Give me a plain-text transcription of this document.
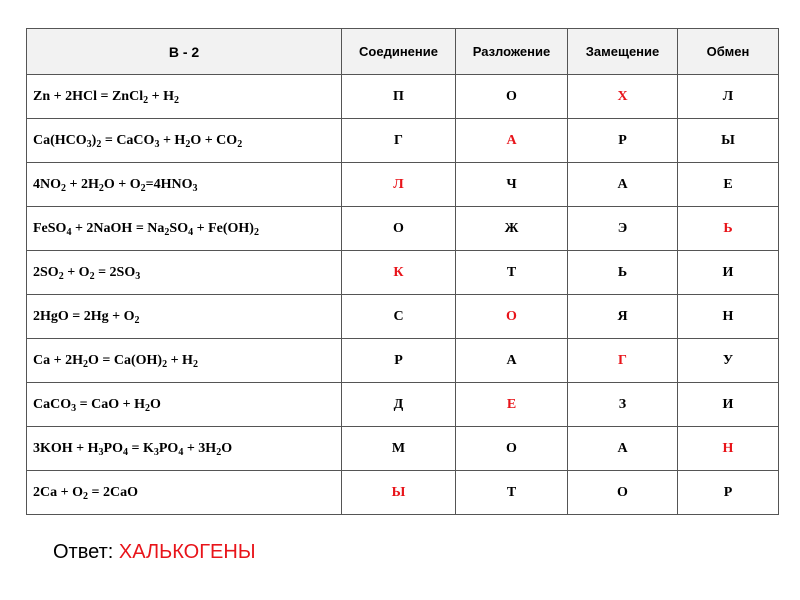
В - 2	Соединение	Разложение	Замещение	Обмен
Zn + 2HCl = ZnCl$_2$ + $H_2$	П	О	Х	Л
$Ca(HCO_3)_2$ = CaCO$_3$ + $H_2O + CO_2$	Г	А	Р	Ы
$4NO_2 + 2H_2O + O_2=4HNO_3$	Л	Ч	А	Е
FeSO$_4$ + 2NaOH = $Na_2SO_4 + Fe(OH)_2$	О	Ж	Э	Ь
$2SO_2 + O_2 = 2SO_3$	К	Т	Ь	И
$2HgO = 2Hg + O_2$	С	О	Я	Н
$Ca + 2H_2O = Ca(OH)_2 + H_2$	Р	А	Г	У
CaCO$_3$ = CaO + $H_2O$	Д	Е	З	И
$3KOH + H_3PO_4 = K_3PO_4 + 3H_2O$	М	О	А	Н
$2Ca + O_2 = 2CaO$	Ы	Т	О	Р
Ответ: ХАЛЬКОГЕНЫ
